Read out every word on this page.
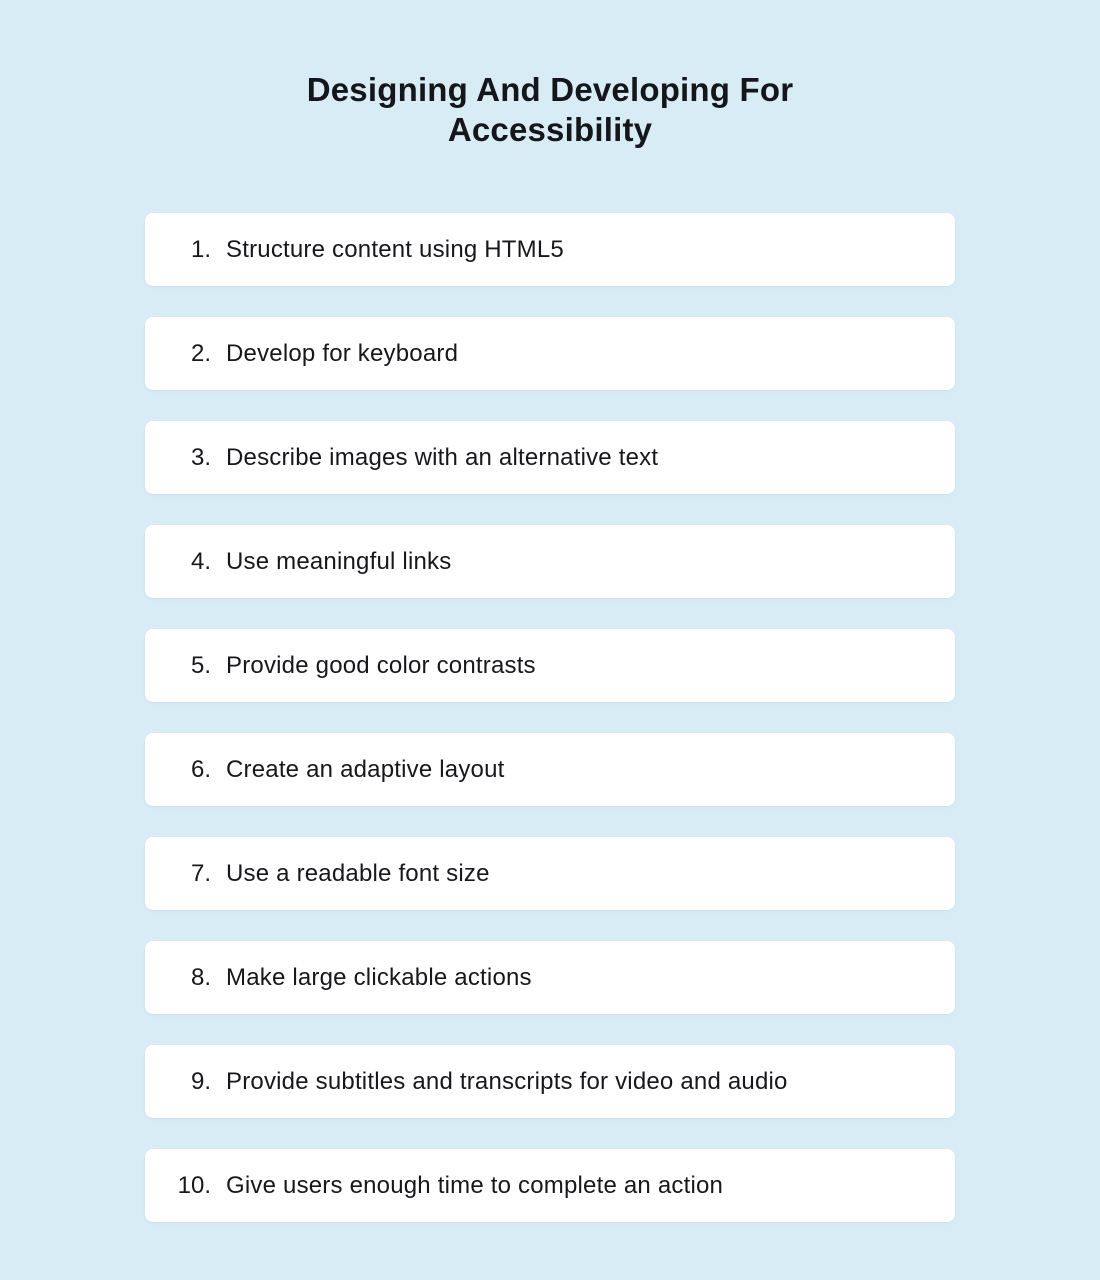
Designing And Developing For
Accessibility
1. Structure content using HTML5
2. Develop for keyboard
3. Describe images with an alternative text
4. Use meaningful links
5. Provide good color contrasts
6. Create an adaptive layout
7. Use a readable font size
8. Make large clickable actions
9. Provide subtitles and transcripts for video and audio
10. Give users enough time to complete an action
